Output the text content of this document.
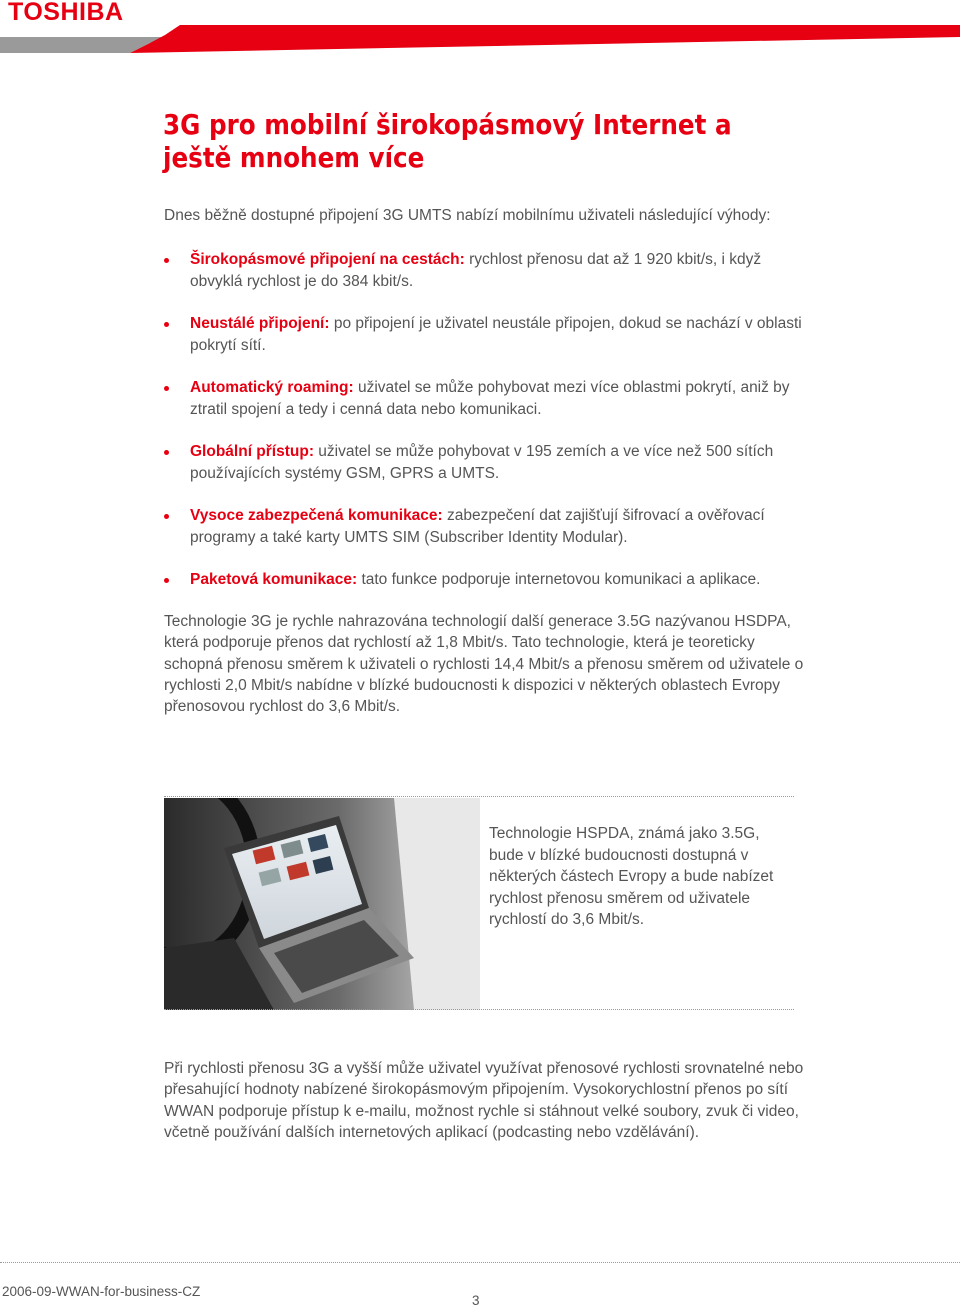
TOSHIBA
3G pro mobilní širokopásmový Internet a ještě mnohem více
Dnes běžně dostupné připojení 3G UMTS nabízí mobilnímu uživateli následující výhody:
Širokopásmové připojení na cestách: rychlost přenosu dat až 1 920 kbit/s, i když obvyklá rychlost je do 384 kbit/s.
Neustálé připojení: po připojení je uživatel neustále připojen, dokud se nachází v oblasti pokrytí sítí.
Automatický roaming: uživatel se může pohybovat mezi více oblastmi pokrytí, aniž by ztratil spojení a tedy i cenná data nebo komunikaci.
Globální přístup: uživatel se může pohybovat v 195 zemích a ve více než 500 sítích používajících systémy GSM, GPRS a UMTS.
Vysoce zabezpečená komunikace: zabezpečení dat zajišťují šifrovací a ověřovací programy a také karty UMTS SIM (Subscriber Identity Modular).
Paketová komunikace: tato funkce podporuje internetovou komunikaci a aplikace.
Technologie 3G je rychle nahrazována technologií další generace 3.5G nazývanou HSDPA, která podporuje přenos dat rychlostí až 1,8 Mbit/s. Tato technologie, která je teoreticky schopná přenosu směrem k uživateli o rychlosti 14,4 Mbit/s a přenosu směrem od uživatele o rychlosti 2,0 Mbit/s nabídne v blízké budoucnosti k dispozici v některých oblastech Evropy přenosovou rychlost do 3,6 Mbit/s.
Technologie HSPDA, známá jako 3.5G, bude v blízké budoucnosti dostupná v některých částech Evropy a bude nabízet rychlost přenosu směrem od uživatele rychlostí do 3,6 Mbit/s.
Při rychlosti přenosu 3G a vyšší může uživatel využívat přenosové rychlosti srovnatelné nebo přesahující hodnoty nabízené širokopásmovým připojením. Vysokorychlostní přenos po sítí WWAN podporuje přístup k e-mailu, možnost rychle si stáhnout velké soubory, zvuk či video, včetně používání dalších internetových aplikací (podcasting nebo vzdělávání).
2006-09-WWAN-for-business-CZ
3
